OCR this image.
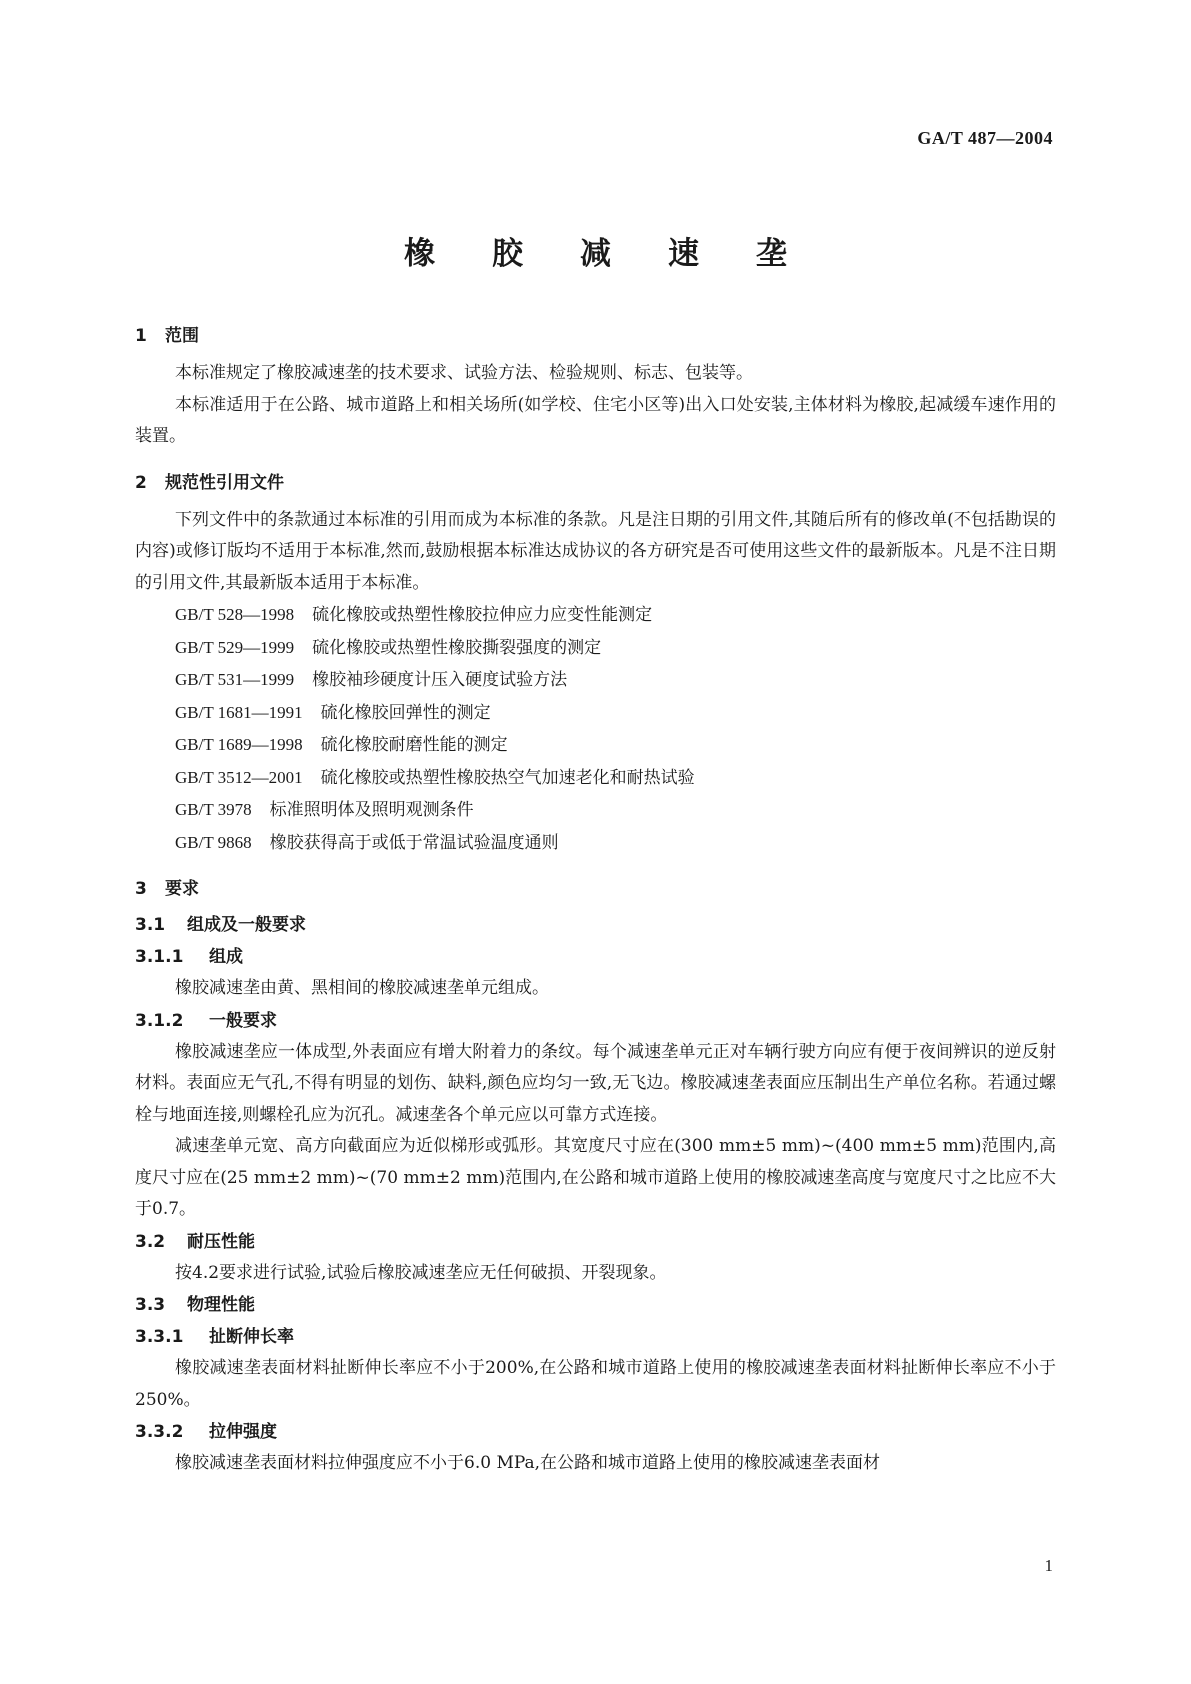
GA/T 487—2004
橡胶减速垄
1 范围

本标准规定了橡胶减速垄的技术要求、试验方法、检验规则、标志、包装等。

本标准适用于在公路、城市道路上和相关场所(如学校、住宅小区等)出入口处安装,主体材料为橡胶,起减缓车速作用的装置。

2 规范性引用文件

下列文件中的条款通过本标准的引用而成为本标准的条款。凡是注日期的引用文件,其随后所有的修改单(不包括勘误的内容)或修订版均不适用于本标准,然而,鼓励根据本标准达成协议的各方研究是否可使用这些文件的最新版本。凡是不注日期的引用文件,其最新版本适用于本标准。

GB/T 528—1998 硫化橡胶或热塑性橡胶拉伸应力应变性能测定
GB/T 529—1999 硫化橡胶或热塑性橡胶撕裂强度的测定
GB/T 531—1999 橡胶袖珍硬度计压入硬度试验方法
GB/T 1681—1991 硫化橡胶回弹性的测定
GB/T 1689—1998 硫化橡胶耐磨性能的测定
GB/T 3512—2001 硫化橡胶或热塑性橡胶热空气加速老化和耐热试验
GB/T 3978 标准照明体及照明观测条件
GB/T 9868 橡胶获得高于或低于常温试验温度通则
3 要求
3.1 组成及一般要求
3.1.1 组成

橡胶减速垄由黄、黑相间的橡胶减速垄单元组成。

3.1.2 一般要求

橡胶减速垄应一体成型,外表面应有增大附着力的条纹。每个减速垄单元正对车辆行驶方向应有便于夜间辨识的逆反射材料。表面应无气孔,不得有明显的划伤、缺料,颜色应均匀一致,无飞边。橡胶减速垄表面应压制出生产单位名称。若通过螺栓与地面连接,则螺栓孔应为沉孔。减速垄各个单元应以可靠方式连接。

减速垄单元宽、高方向截面应为近似梯形或弧形。其宽度尺寸应在(300 mm±5 mm)~(400 mm±5 mm)范围内,高度尺寸应在(25 mm±2 mm)~(70 mm±2 mm)范围内,在公路和城市道路上使用的橡胶减速垄高度与宽度尺寸之比应不大于0.7。

3.2 耐压性能

按4.2要求进行试验,试验后橡胶减速垄应无任何破损、开裂现象。

3.3 物理性能
3.3.1 扯断伸长率

橡胶减速垄表面材料扯断伸长率应不小于200%,在公路和城市道路上使用的橡胶减速垄表面材料扯断伸长率应不小于250%。

3.3.2 拉伸强度

橡胶减速垄表面材料拉伸强度应不小于6.0 MPa,在公路和城市道路上使用的橡胶减速垄表面材

1
